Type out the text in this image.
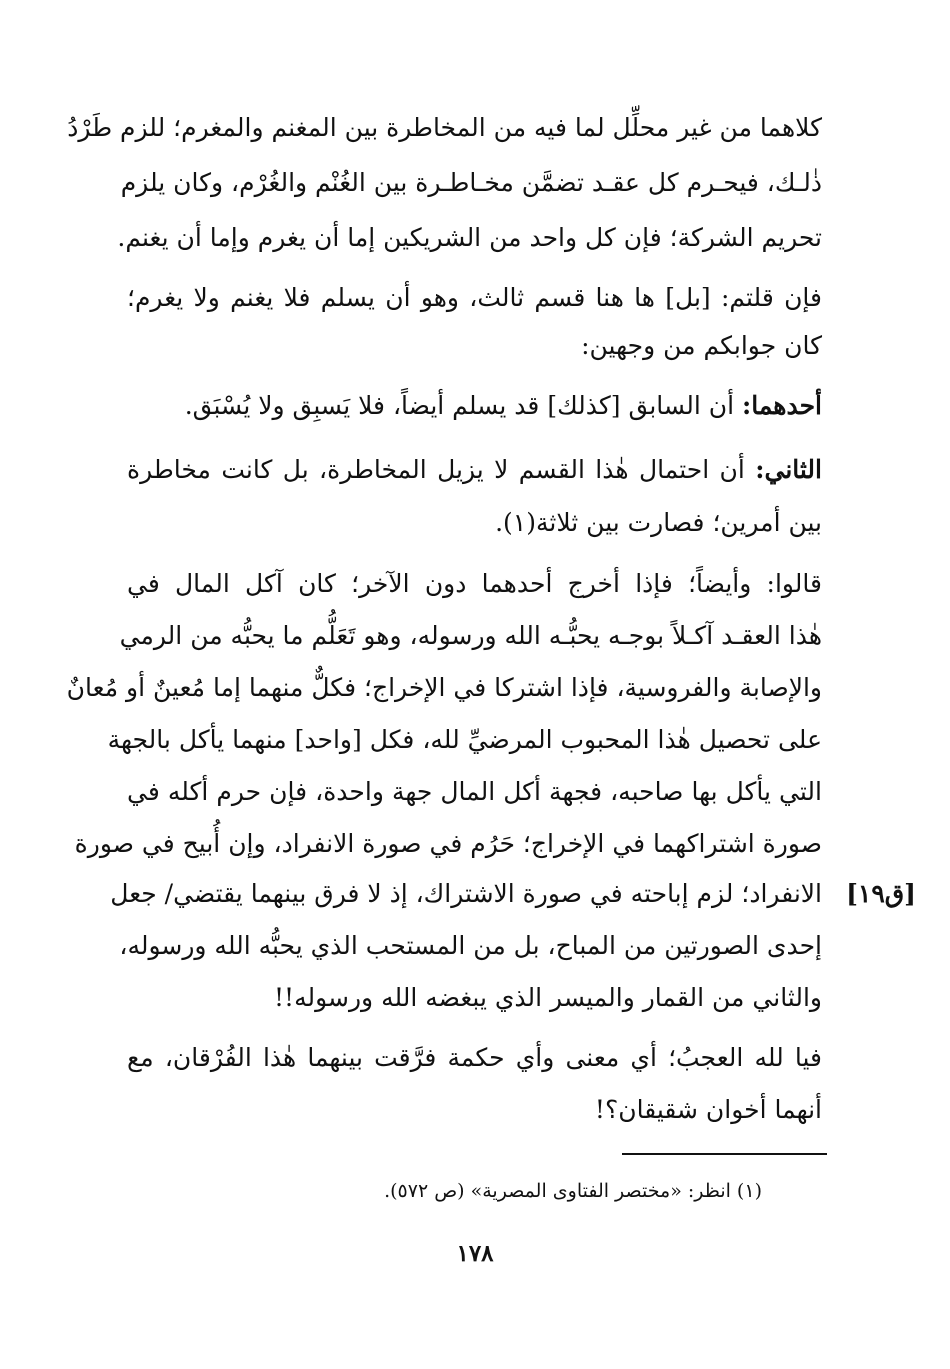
كلاهما من غير محلِّل لما فيه من المخاطرة بين المغنم والمغرم؛ للزم طَرْدُ
ذٰلـك، فيحـرم كل عقـد تضمَّن مخـاطـرة بين الغُنْم والغُرْم، وكان يلزم
تحريم الشركة؛ فإن كل واحد من الشريكين إما أن يغرم وإما أن يغنم.
فإن قلتم: [بل] ها هنا قسم ثالث، وهو أن يسلم فلا يغنم ولا يغرم؛
كان جوابكم من وجهين:
أحدهما: أن السابق [كذلك] قد يسلم أيضاً، فلا يَسبِق ولا يُسْبَق.
الثاني: أن احتمال هٰذا القسم لا يزيل المخاطرة، بل كانت مخاطرة
بين أمرين؛ فصارت بين ثلاثة(١).
قالوا: وأيضاً؛ فإذا أخرج أحدهما دون الآخر؛ كان آكل المال في
هٰذا العقـد آكـلاً بوجـه يحبُّـه الله ورسوله، وهو تَعَلُّم ما يحبُّه من الرمي
والإصابة والفروسية، فإذا اشتركا في الإخراج؛ فكلٌّ منهما إما مُعينٌ أو مُعانٌ
على تحصيل هٰذا المحبوب المرضيِّ لله، فكل [واحد] منهما يأكل بالجهة
التي يأكل بها صاحبه، فجهة أكل المال جهة واحدة، فإن حرم أكله في
صورة اشتراكهما في الإخراج؛ حَرُم في صورة الانفراد، وإن أُبيح في صورة
الانفراد؛ لزم إباحته في صورة الاشتراك، إذ لا فرق بينهما يقتضي/ جعل
إحدى الصورتين من المباح، بل من المستحب الذي يحبُّه الله ورسوله،
والثاني من القمار والميسر الذي يبغضه الله ورسوله!!
فيا لله العجبُ؛ أي معنى وأي حكمة فرَّقت بينهما هٰذا الفُرْقان، مع
أنهما أخوان شقيقان؟!
[ق١٩]
(١) انظر: «مختصر الفتاوى المصرية» (ص ٥٧٢).
١٧٨
